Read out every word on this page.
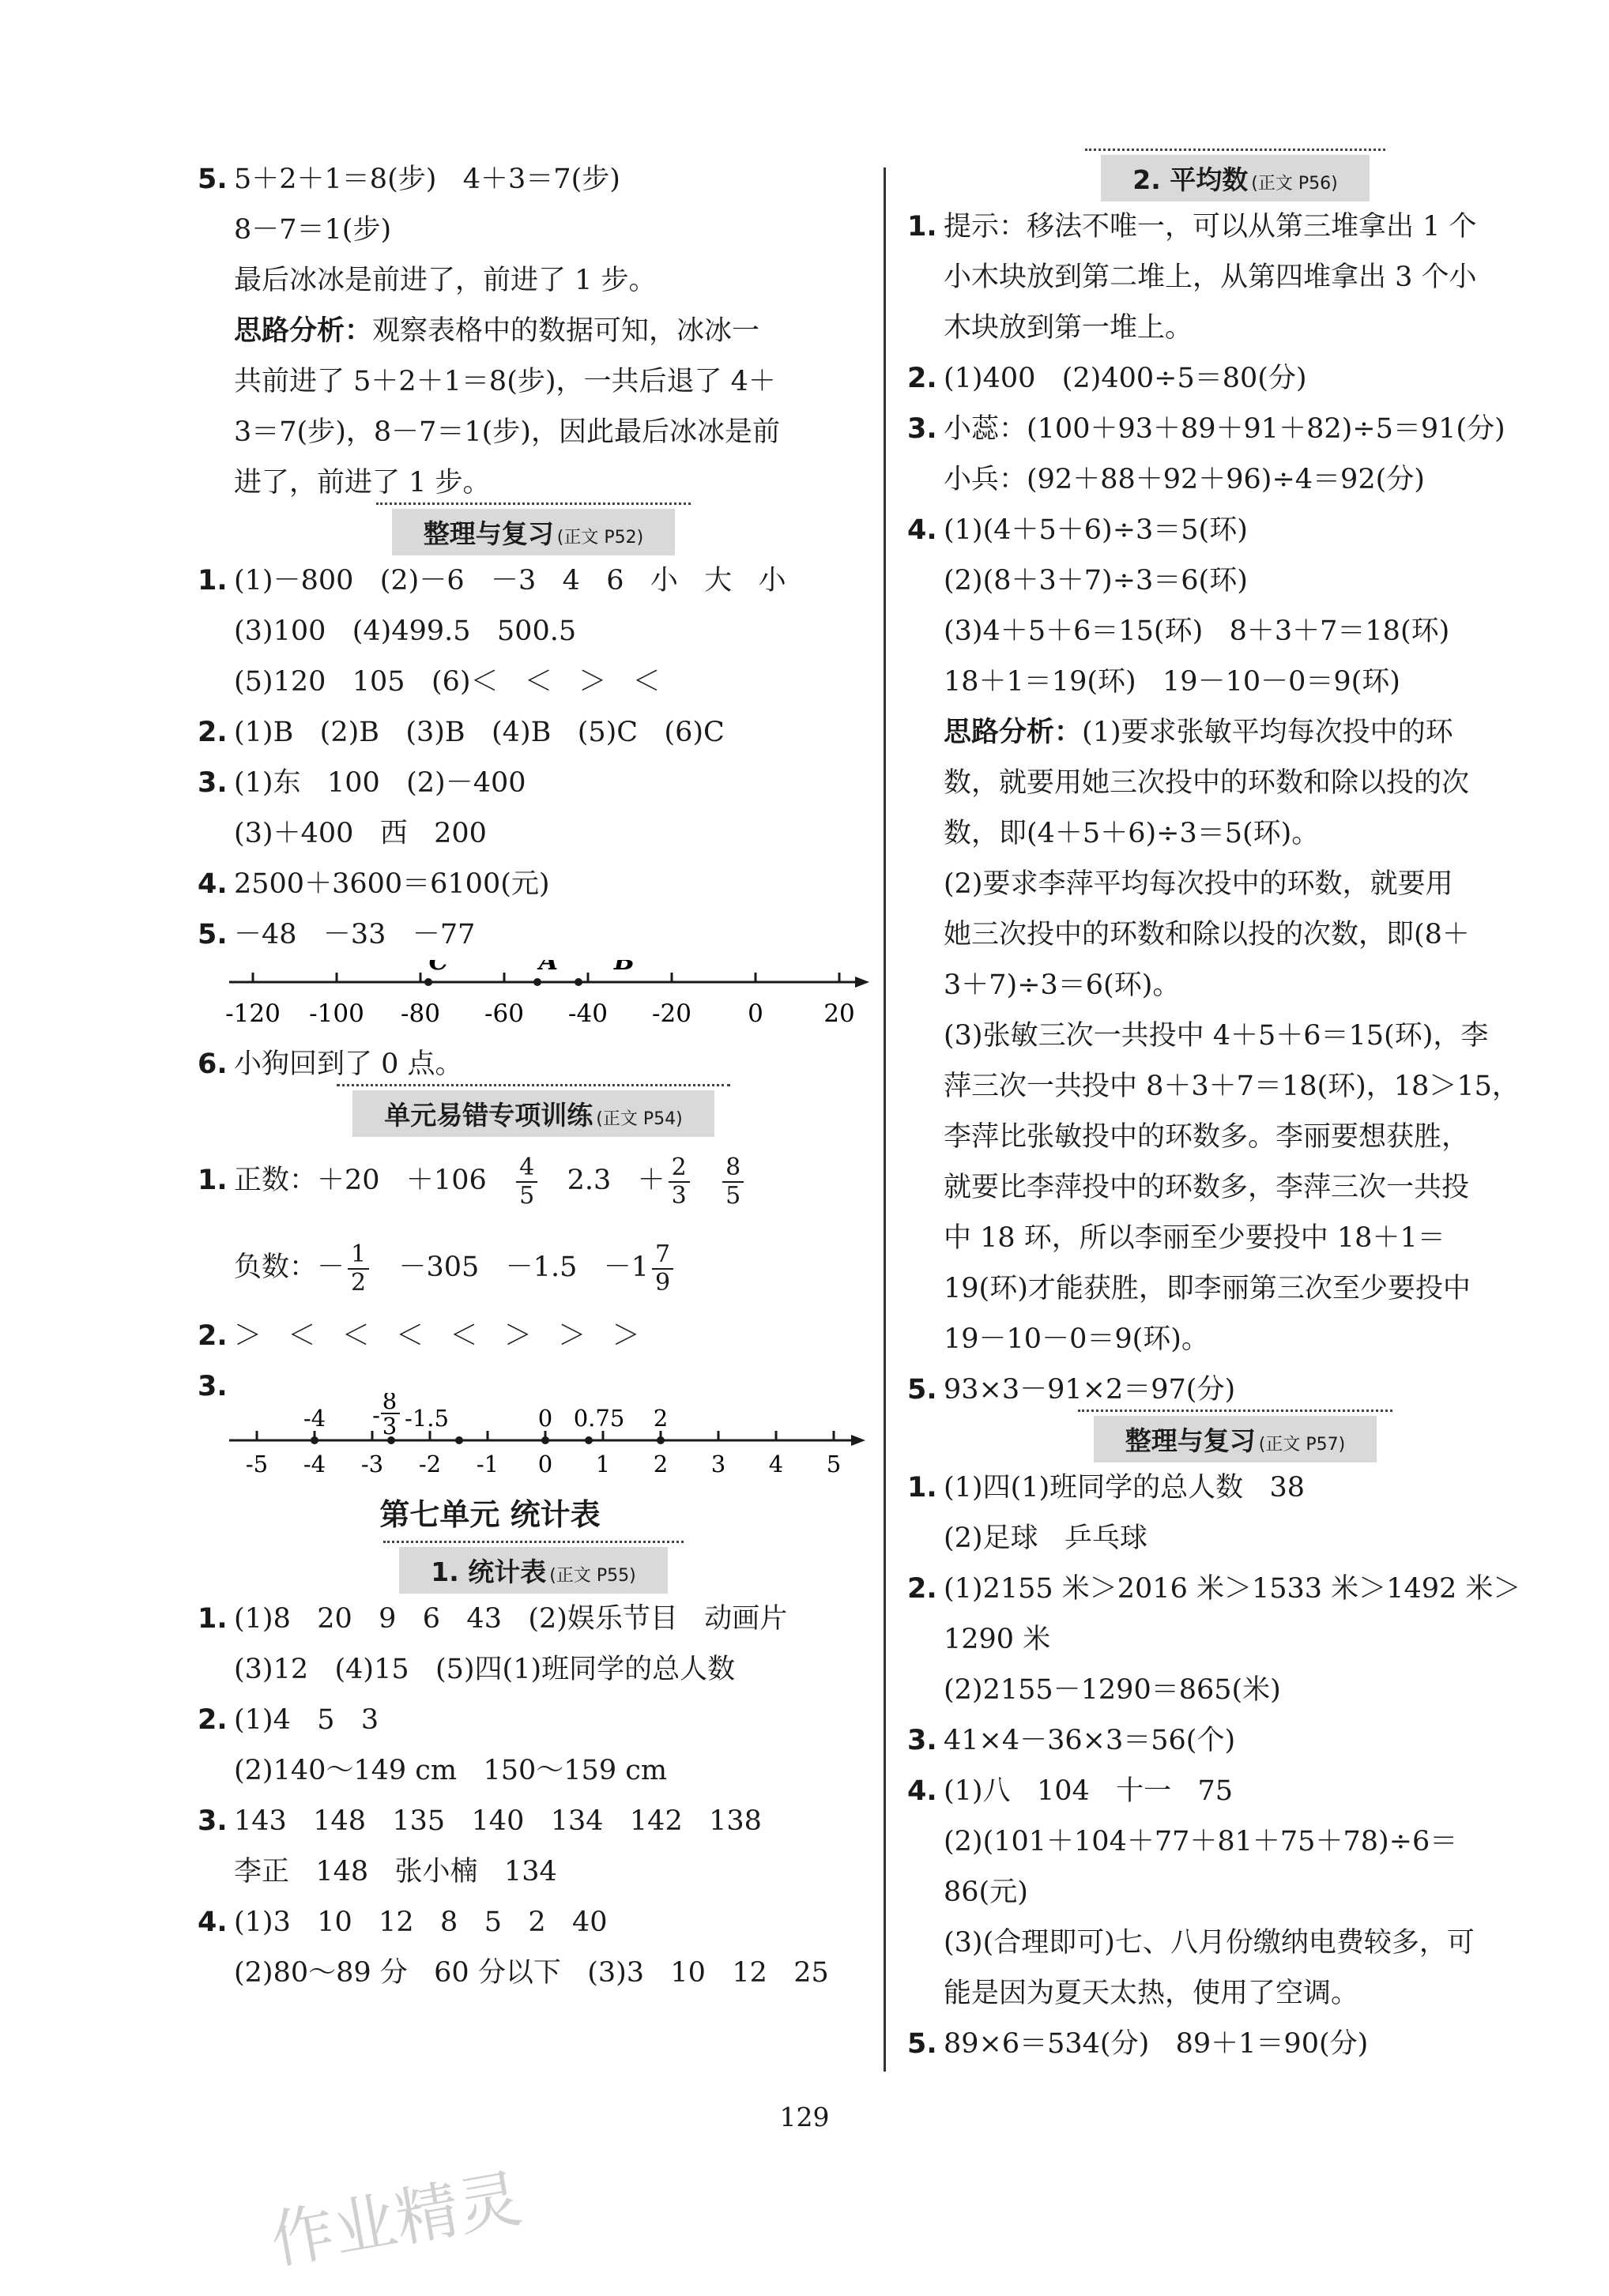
5. 5＋2＋1＝8(步)   4＋3＝7(步)
8－7＝1(步)
最后冰冰是前进了，前进了 1 步。
思路分析：观察表格中的数据可知，冰冰一
共前进了 5＋2＋1＝8(步)，一共后退了 4＋
3＝7(步)，8－7＝1(步)，因此最后冰冰是前
进了，前进了 1 步。
整理与复习 (正文 P52)
1. (1)－800   (2)－6   －3   4   6   小   大   小
(3)100   (4)499.5   500.5
(5)120   105   (6)＜   ＜   ＞   ＜
2. (1)B   (2)B   (3)B   (4)B   (5)C   (6)C
3. (1)东   100   (2)－400
(3)＋400   西   200
4. 2500＋3600＝6100(元)
5. －48   －33   －77
-120 -100 -80 -60 -40 -20 0 20
C	A B
6. 小狗回到了 0 点。
单元易错专项训练 (正文 P54)
1. 正数：$+20 +106 \frac{4}{5} 2.3 + \frac{2}{3}$
$\frac{8}{5}$
负数：－ $\frac{1}{2} -305 -1.5 -1 \frac{7}{9}$
2. ＞   ＜   ＜   ＜   ＜   ＞   ＞   ＞
3.
-5 -4 -3 -2 -1 0 1 2 3 4 5
-4 -
8
3 -1.5	0 0.75 2
第七单元 统计表
1. 统计表 (正文 P55)
1. (1)8   20   9   6   43   (2)娱乐节目   动画片
(3)12   (4)15   (5)四(1)班同学的总人数
2. (1)4   5   3
(2)140～149 cm   150～159 cm
3. 143   148   135   140   134   142   138
李正   148   张小楠   134
4. (1)3   10   12   8   5   2   40
(2)80～89 分   60 分以下   (3)3   10   12   25
2. 平均数 (正文 P56)
1. 提示：移法不唯一，可以从第三堆拿出 1 个
小木块放到第二堆上，从第四堆拿出 3 个小
木块放到第一堆上。
2. (1)400   (2)400÷5＝80(分)
3. 小蕊：(100＋93＋89＋91＋82)÷5＝91(分)
小兵：(92＋88＋92＋96)÷4＝92(分)
4. (1)(4＋5＋6)÷3＝5(环)
(2)(8＋3＋7)÷3＝6(环)
(3)4＋5＋6＝15(环)   8＋3＋7＝18(环)
18＋1＝19(环)   19－10－0＝9(环)
思路分析：(1)要求张敏平均每次投中的环
数，就要用她三次投中的环数和除以投的次
数，即(4＋5＋6)÷3＝5(环)。
(2)要求李萍平均每次投中的环数，就要用
她三次投中的环数和除以投的次数，即(8＋
3＋7)÷3＝6(环)。
(3)张敏三次一共投中 4＋5＋6＝15(环)，李
萍三次一共投中 8＋3＋7＝18(环)，18＞15，
李萍比张敏投中的环数多。李丽要想获胜，
就要比李萍投中的环数多，李萍三次一共投
中 18 环，所以李丽至少要投中 18＋1＝
19(环)才能获胜，即李丽第三次至少要投中
19－10－0＝9(环)。
5. 93×3－91×2＝97(分)
整理与复习 (正文 P57)
1. (1)四(1)班同学的总人数   38
(2)足球   乒乓球
2. (1)2155 米＞2016 米＞1533 米＞1492 米＞
1290 米
(2)2155－1290＝865(米)
3. 41×4－36×3＝56(个)
4. (1)八   104   十一   75
(2)(101＋104＋77＋81＋75＋78)÷6＝
86(元)
(3)(合理即可)七、八月份缴纳电费较多，可
能是因为夏天太热，使用了空调。
5. 89×6＝534(分)   89＋1＝90(分)
129
作业精灵
